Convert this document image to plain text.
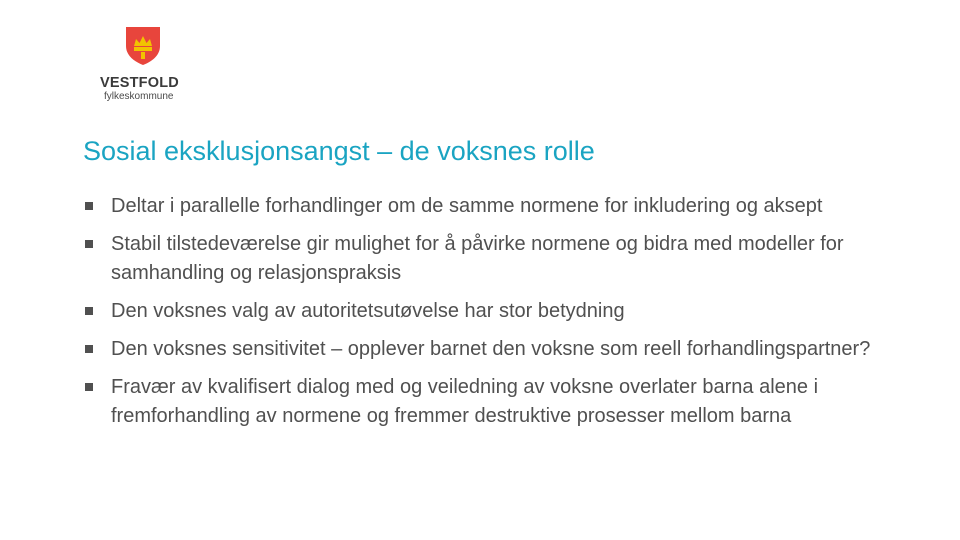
VESTFOLD
fylkeskommune
Sosial eksklusjonsangst – de voksnes rolle
Deltar i parallelle forhandlinger om de samme normene for inkludering og aksept
Stabil tilstedeværelse gir mulighet for å påvirke normene og bidra med modeller for samhandling og relasjonspraksis
Den voksnes valg av autoritetsutøvelse har stor betydning
Den voksnes sensitivitet – opplever barnet den voksne som reell forhandlingspartner?
Fravær av kvalifisert dialog med og veiledning av voksne overlater barna alene i fremforhandling av normene og fremmer destruktive prosesser mellom barna
